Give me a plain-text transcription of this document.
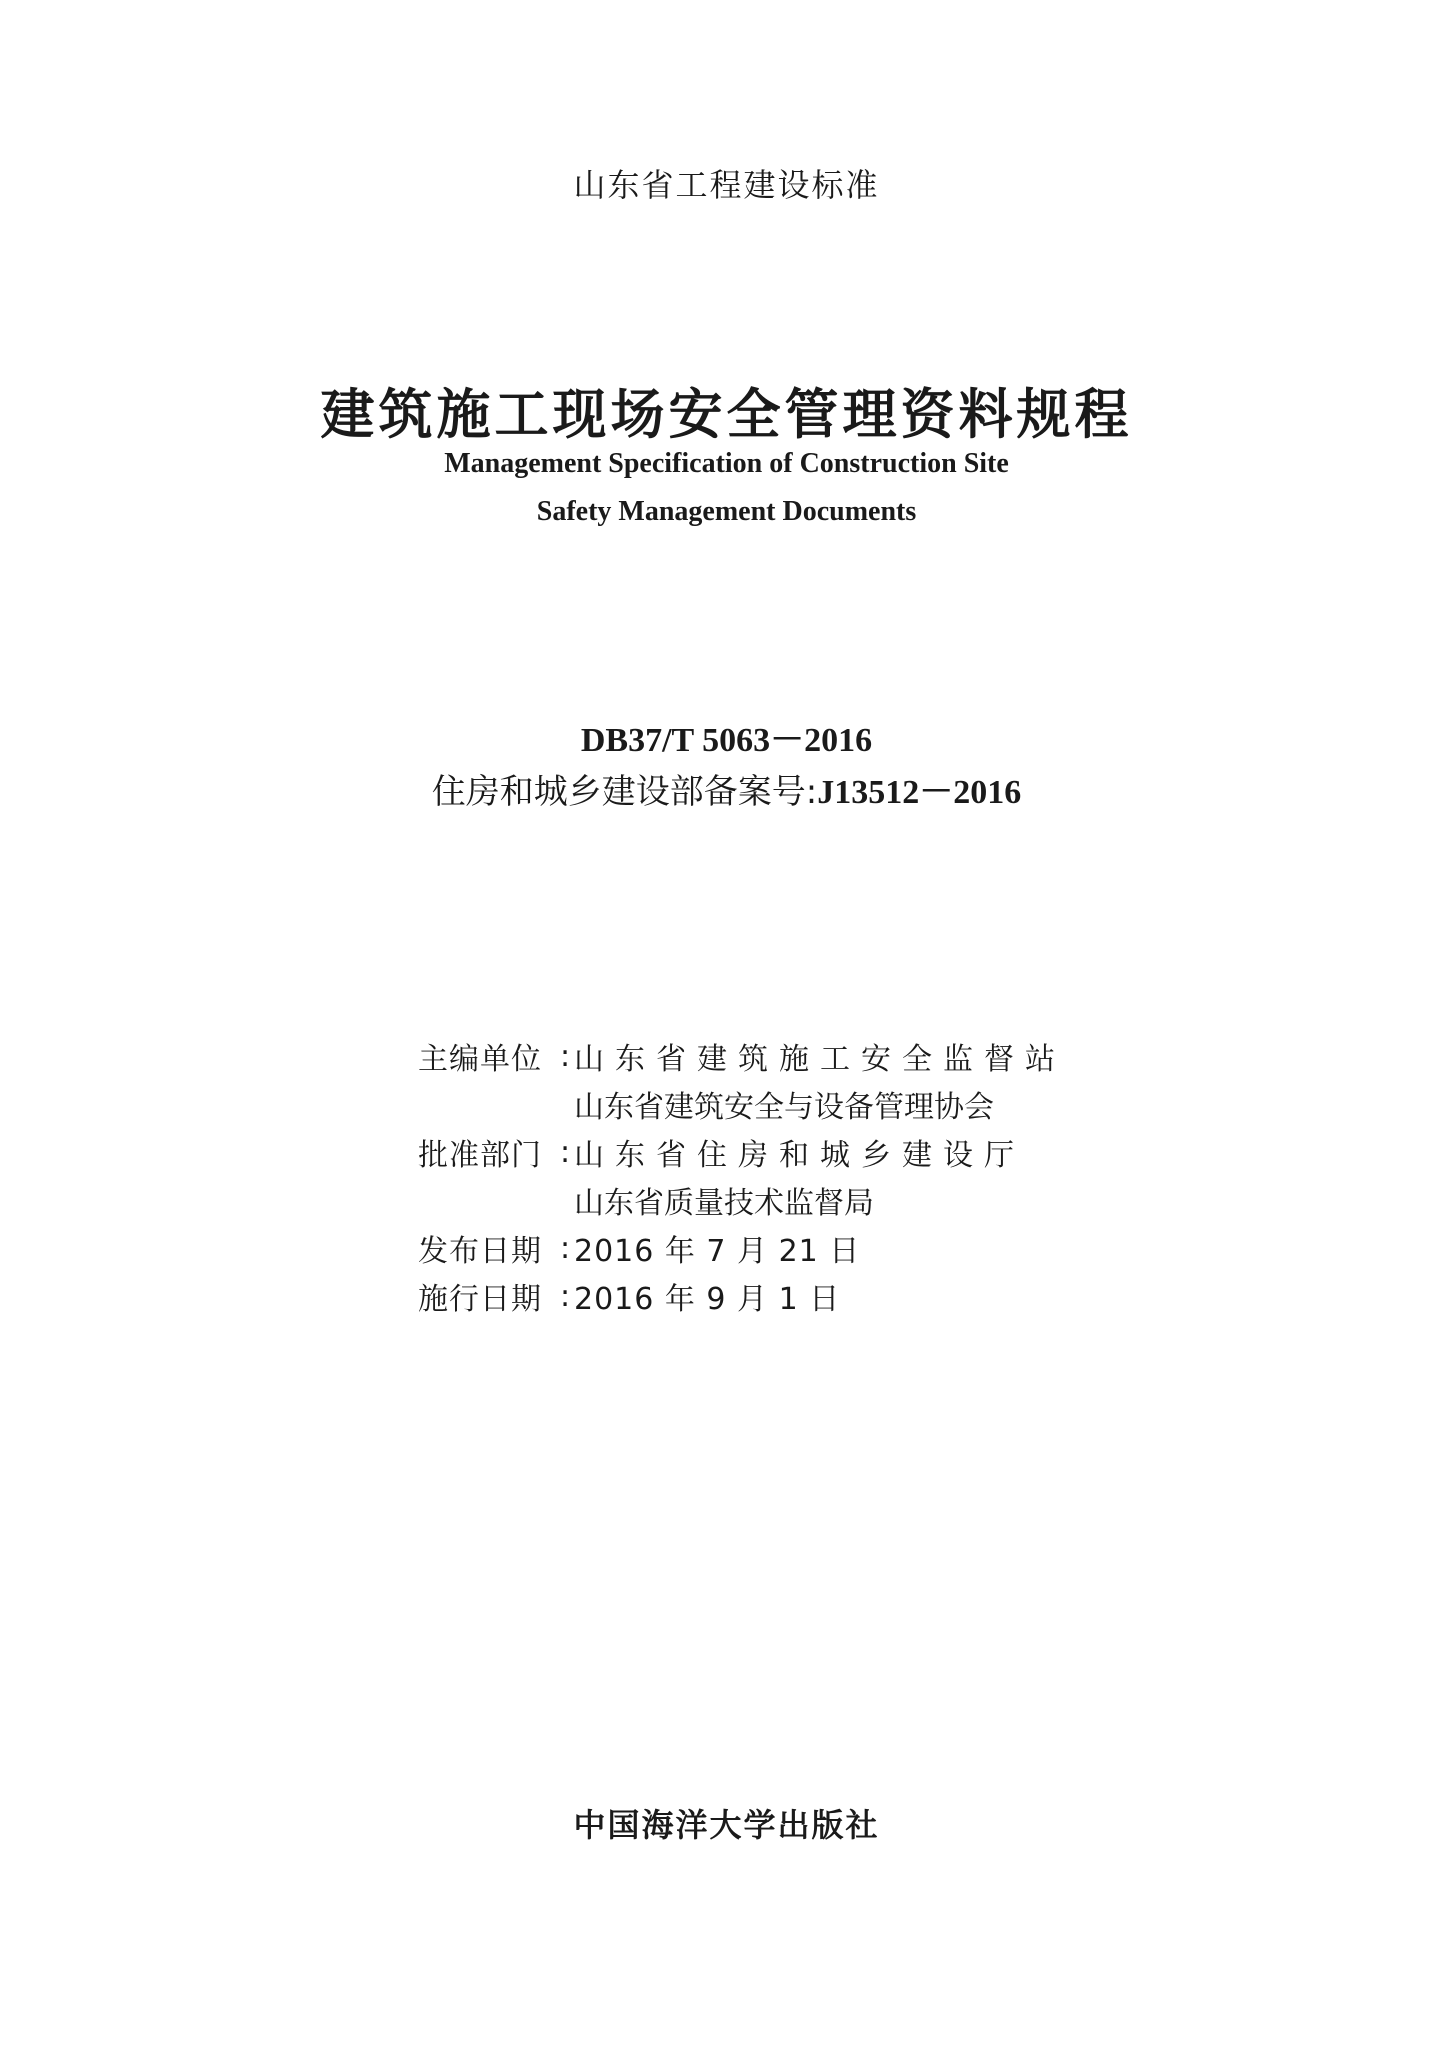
山东省工程建设标准
建筑施工现场安全管理资料规程
Management Specification of Construction Site
Safety Management Documents
DB37/T 5063－2016
住房和城乡建设部备案号:J13512－2016
主编单位 : 山东省建筑施工安全监督站
山东省建筑安全与设备管理协会
批准部门 : 山东省住房和城乡建设厅
山东省质量技术监督局
发布日期 : 2016 年 7 月 21 日
施行日期 : 2016 年 9 月 1 日
中国海洋大学出版社
